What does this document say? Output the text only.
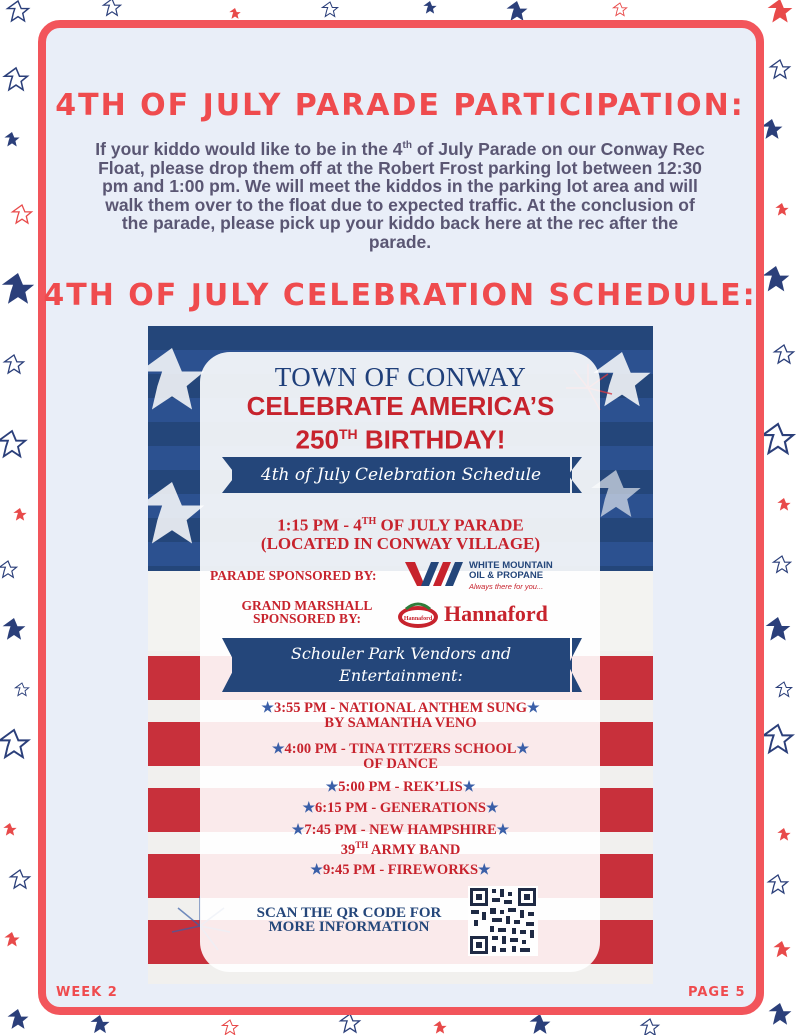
4TH OF JULY PARADE PARTICIPATION:
If your kiddo would like to be in the 4th of July Parade on our Conway Rec Float, please drop them off at the Robert Frost parking lot between 12:30 pm and 1:00 pm. We will meet the kiddos in the parking lot area and will walk them over to the float due to expected traffic. At the conclusion of the parade, please pick up your kiddo back here at the rec after the parade.
4TH OF JULY CELEBRATION SCHEDULE:
TOWN OF CONWAY
CELEBRATE AMERICA’S
250TH BIRTHDAY!
4th of July Celebration Schedule
1:15 PM - 4TH OF JULY PARADE
(LOCATED IN CONWAY VILLAGE)
PARADE SPONSORED BY:
WHITE MOUNTAIN
OIL & PROPANE
Always there for you...
GRAND MARSHALL
SPONSORED BY:	Hannaford Hannaford
Schouler Park Vendors and
Entertainment:
★3:55 PM - NATIONAL ANTHEM SUNG★
BY SAMANTHA VENO
★4:00 PM - TINA TITZERS SCHOOL★
OF DANCE
★5:00 PM - REK’LIS★
★6:15 PM - GENERATIONS★
★7:45 PM - NEW HAMPSHIRE★
39TH ARMY BAND
★9:45 PM - FIREWORKS★
SCAN THE QR CODE FOR
MORE INFORMATION
WEEK 2	PAGE 5
